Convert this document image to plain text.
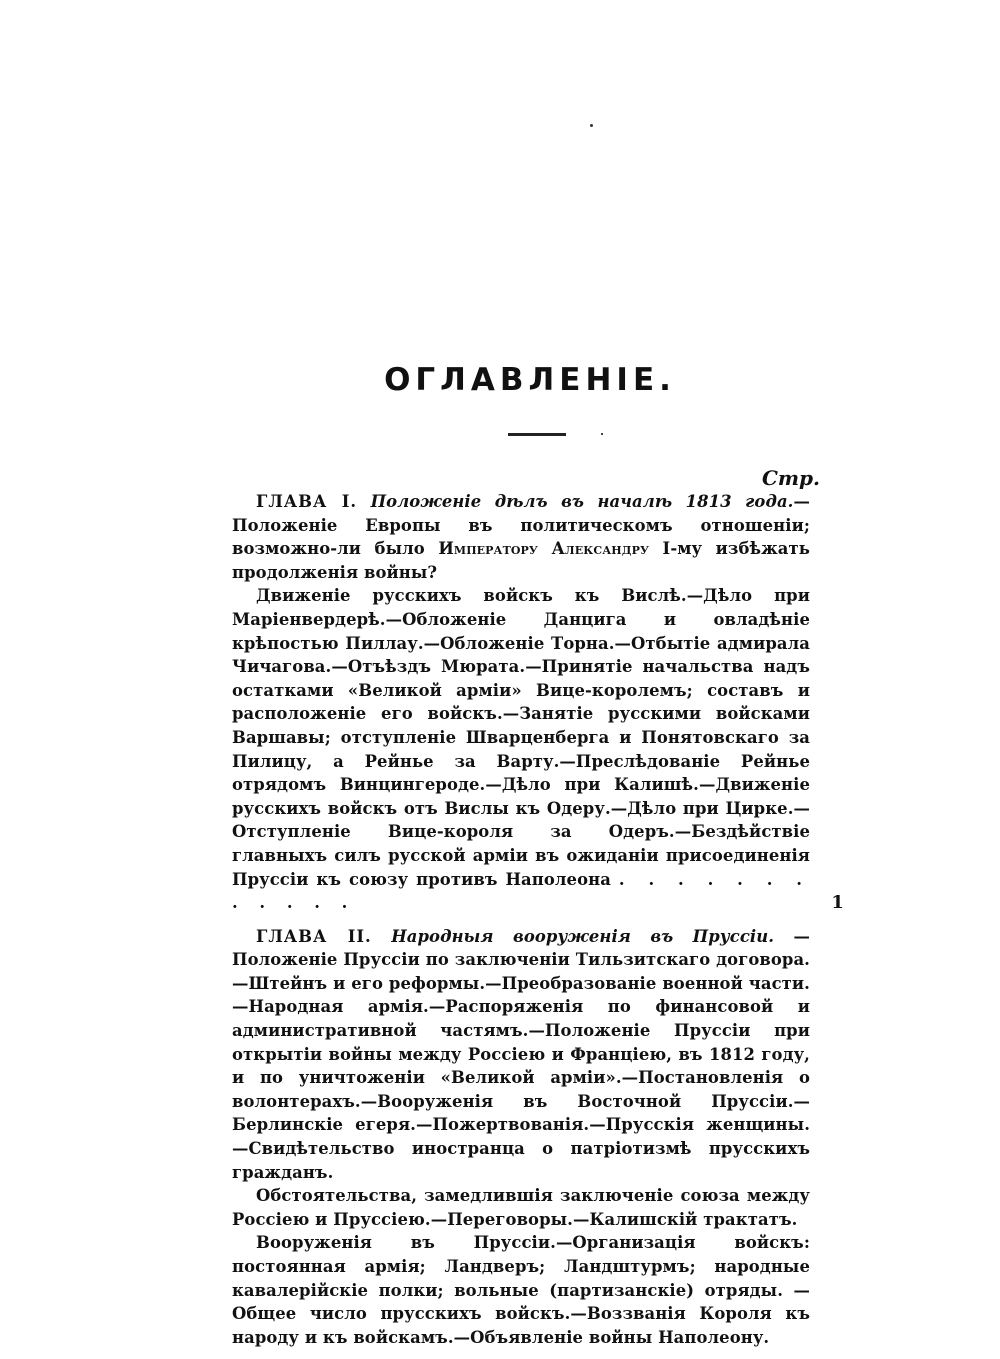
ОГЛАВЛЕНІЕ.
Стр.

ГЛАВА I. Положеніе дѣлъ въ началѣ 1813 года.—Положеніе Европы въ политическомъ отношеніи; возможно-ли было Императору Александру I-му избѣжать продолженія войны?

Движеніе русскихъ войскъ къ Вислѣ.—Дѣло при Маріенвердерѣ.—Обложеніе Данцига и овладѣніе крѣпостью Пиллау.—Обложеніе Торна.—Отбытіе адмирала Чичагова.—Отъѣздъ Мюрата.—Принятіе начальства надъ остатками «Великой арміи» Вице-королемъ; составъ и расположеніе его войскъ.—Занятіе русскими войсками Варшавы; отступленіе Шварценберга и Понятовскаго за Пилицу, а Рейнье за Варту.—Преслѣдованіе Рейнье отрядомъ Винцингероде.—Дѣло при Калишѣ.—Движеніе русскихъ войскъ отъ Вислы къ Одеру.—Дѣло при Цирке.—Отступленіе Вице-короля за Одеръ.—Бездѣйствіе главныхъ силъ русской арміи въ ожиданіи присоединенія Пруссіи къ союзу противъ Наполеона . . . . . . . . . . . .	1

ГЛАВА II. Народныя вооруженія въ Пруссіи. — Положеніе Пруссіи по заключеніи Тильзитскаго договора.—Штейнъ и его реформы.—Преобразованіе военной части.—Народная армія.—Распоряженія по финансовой и административной частямъ.—Положеніе Пруссіи при открытіи войны между Россіею и Франціею, въ 1812 году, и по уничтоженіи «Великой арміи».—Постановленія о волонтерахъ.—Вооруженія въ Восточной Пруссіи.—Берлинскіе егеря.—Пожертвованія.—Прусскія женщины.—Свидѣтельство иностранца о патріотизмѣ прусскихъ гражданъ.

Обстоятельства, замедлившія заключеніе союза между Россіею и Пруссіею.—Переговоры.—Калишскій трактатъ.

Вооруженія въ Пруссіи.—Организація войскъ: постоянная армія; Ландверъ; Ландштурмъ; народные кавалерійскіе полки; вольные (партизанскіе) отряды. — Общее число прусскихъ войскъ.—Воззванія Короля къ народу и къ войскамъ.—Объявленіе войны Наполеону.
